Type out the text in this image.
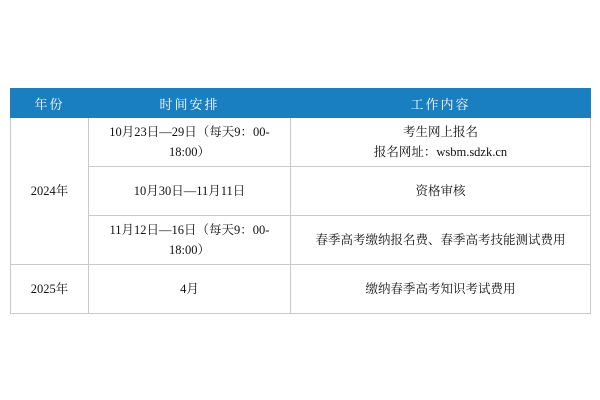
年份	时间安排	工作内容
2024年	10月23日—29日（每天9：00-18:00）	考生网上报名
报名网址：wsbm.sdzk.cn

	10月30日—11月11日	资格审核
	11月12日—16日（每天9：00-18:00）	春季高考缴纳报名费、春季高考技能测试费用
2025年	4月	缴纳春季高考知识考试费用
